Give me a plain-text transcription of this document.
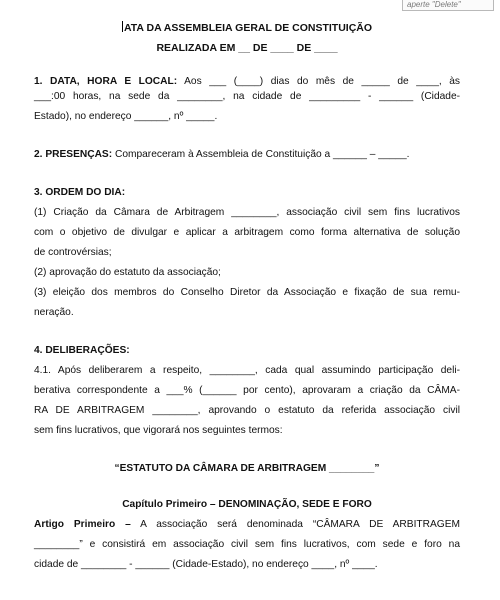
aperte "Delete"
ATA DA ASSEMBLEIA GERAL DE CONSTITUIÇÃO
REALIZADA EM __ DE ____ DE ____
1. DATA, HORA E LOCAL: Aos ___ (____) dias do mês de _____ de ____, às
___:00 horas, na sede da ________, na cidade de _________ - ______ (Cidade-
Estado), no endereço ______, nº _____.

2. PRESENÇAS: Compareceram à Assembleia de Constituição a ______ – _____.

3. ORDEM DO DIA:
(1) Criação da Câmara de Arbitragem ________, associação civil sem fins lucrativos
com o objetivo de divulgar e aplicar a arbitragem como forma alternativa de solução
de controvérsias;
(2) aprovação do estatuto da associação;
(3) eleição dos membros do Conselho Diretor da Associação e fixação de sua remu-
neração.
4. DELIBERAÇÕES:
4.1. Após deliberarem a respeito, ________, cada qual assumindo participação deli-
berativa correspondente a ___% (______ por cento), aprovaram a criação da CÂMA-
RA DE ARBITRAGEM ________, aprovando o estatuto da referida associação civil
sem fins lucrativos, que vigorará nos seguintes termos:

“ESTATUTO DA CÂMARA DE ARBITRAGEM ________”

Capítulo Primeiro – DENOMINAÇÃO, SEDE E FORO

Artigo Primeiro – A associação será denominada “CÂMARA DE ARBITRAGEM
________” e consistirá em associação civil sem fins lucrativos, com sede e foro na
cidade de ________ - ______ (Cidade-Estado), no endereço ____, nº ____.
